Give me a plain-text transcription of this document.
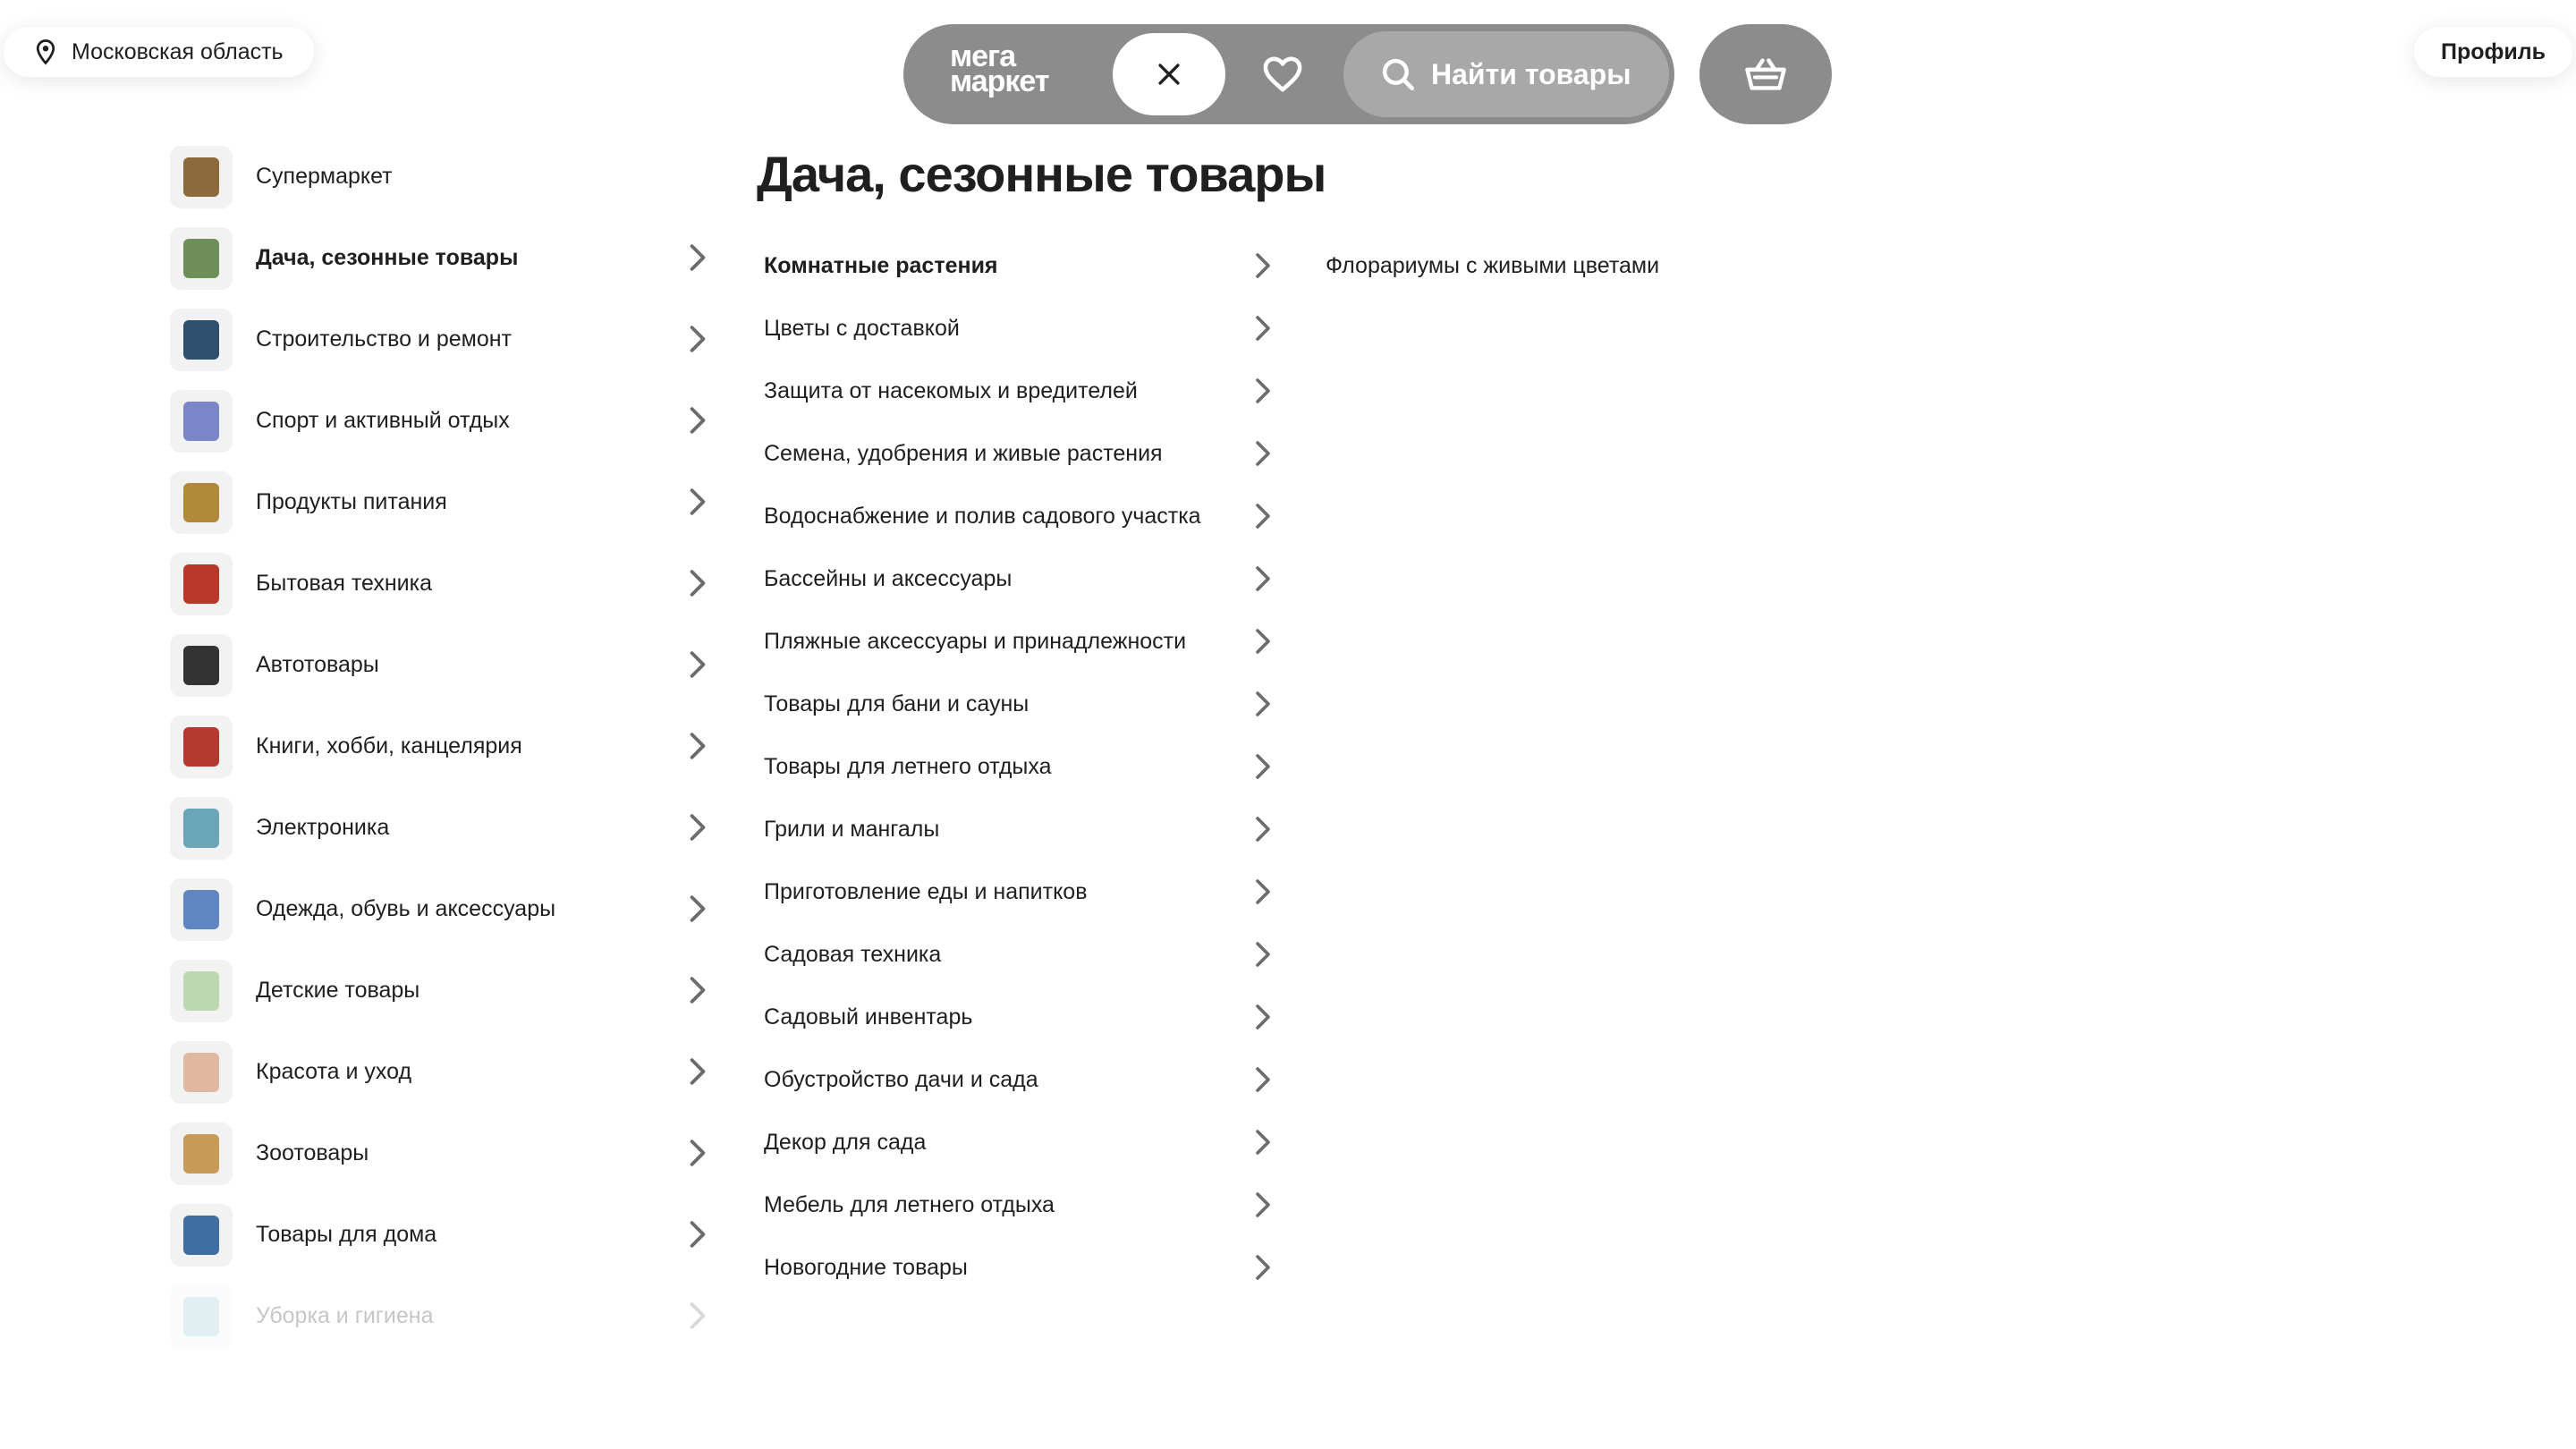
Московская область	мега
маркет	Найти товары
Профиль
Супермаркет
Дача, сезонные товары
Строительство и ремонт
Спорт и активный отдых
Продукты питания
Бытовая техника
Автотовары
Книги, хобби, канцелярия
Электроника
Одежда, обувь и аксессуары
Детские товары
Красота и уход
Зоотовары
Товары для дома
Уборка и гигиена
Дача, сезонные товары
Комнатные растения
Цветы с доставкой
Защита от насекомых и вредителей
Семена, удобрения и живые растения
Водоснабжение и полив садового участка
Бассейны и аксессуары
Пляжные аксессуары и принадлежности
Товары для бани и сауны
Товары для летнего отдыха
Грили и мангалы
Приготовление еды и напитков
Садовая техника
Садовый инвентарь
Обустройство дачи и сада
Декор для сада
Мебель для летнего отдыха
Новогодние товары
Флорариумы с живыми цветами
